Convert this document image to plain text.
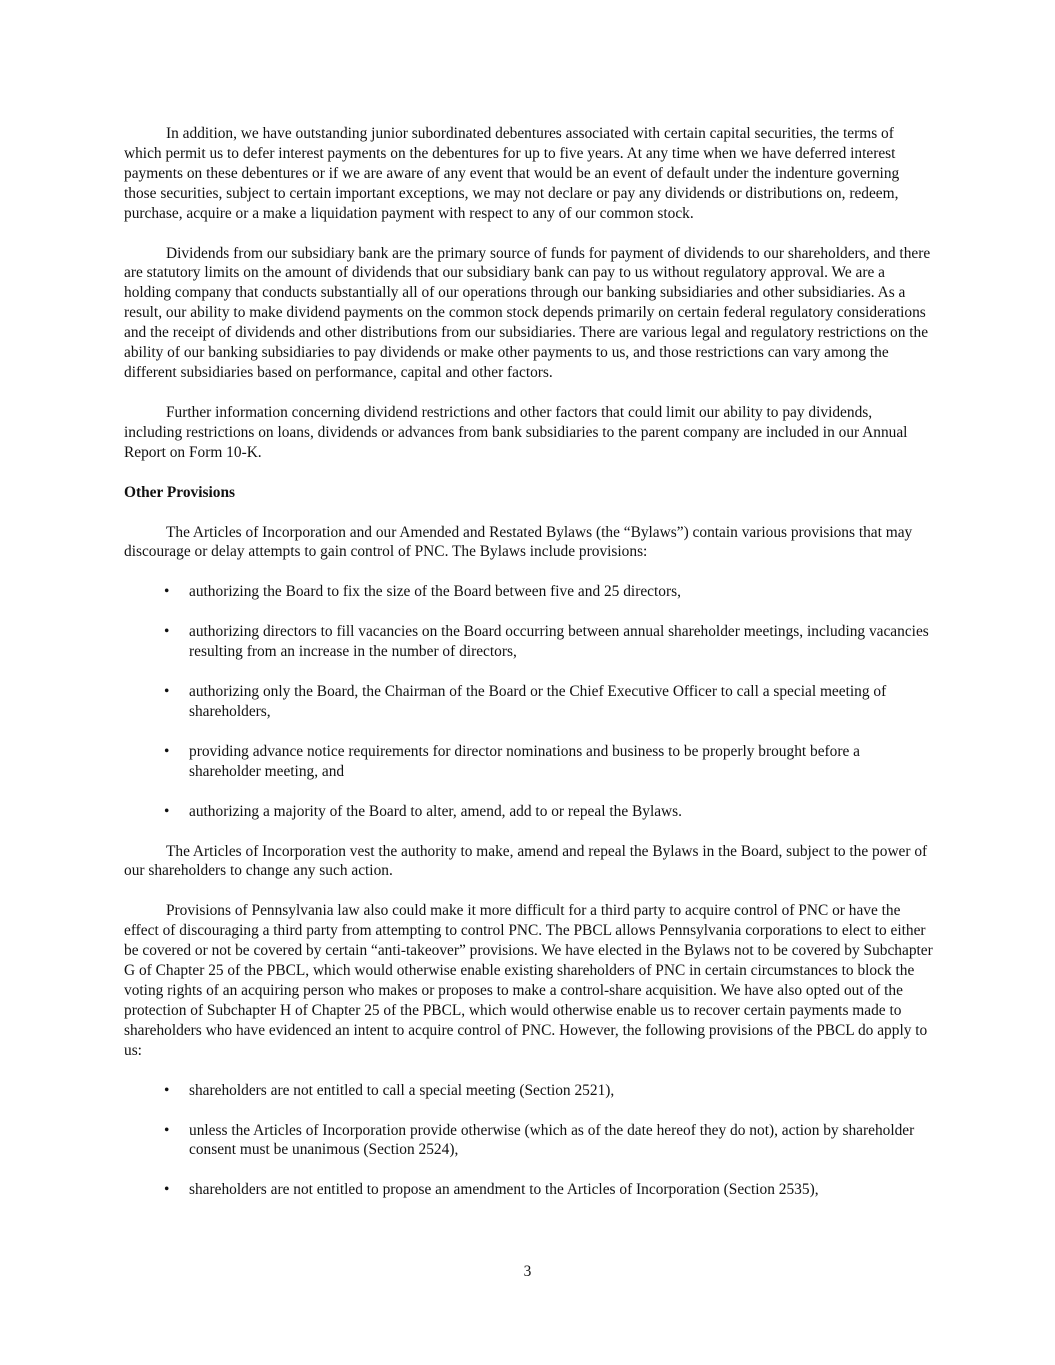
In addition, we have outstanding junior subordinated debentures associated with certain capital securities, the terms of which permit us to defer interest payments on the debentures for up to five years. At any time when we have deferred interest payments on these debentures or if we are aware of any event that would be an event of default under the indenture governing those securities, subject to certain important exceptions, we may not declare or pay any dividends or distributions on, redeem, purchase, acquire or a make a liquidation payment with respect to any of our common stock.

Dividends from our subsidiary bank are the primary source of funds for payment of dividends to our shareholders, and there are statutory limits on the amount of dividends that our subsidiary bank can pay to us without regulatory approval. We are a holding company that conducts substantially all of our operations through our banking subsidiaries and other subsidiaries. As a result, our ability to make dividend payments on the common stock depends primarily on certain federal regulatory considerations and the receipt of dividends and other distributions from our subsidiaries. There are various legal and regulatory restrictions on the ability of our banking subsidiaries to pay dividends or make other payments to us, and those restrictions can vary among the different subsidiaries based on performance, capital and other factors.

Further information concerning dividend restrictions and other factors that could limit our ability to pay dividends, including restrictions on loans, dividends or advances from bank subsidiaries to the parent company are included in our Annual Report on Form 10-K.

Other Provisions

The Articles of Incorporation and our Amended and Restated Bylaws (the “Bylaws”) contain various provisions that may discourage or delay attempts to gain control of PNC. The Bylaws include provisions:

• authorizing the Board to fix the size of the Board between five and 25 directors,
• authorizing directors to fill vacancies on the Board occurring between annual shareholder meetings, including vacancies resulting from an increase in the number of directors,
• authorizing only the Board, the Chairman of the Board or the Chief Executive Officer to call a special meeting of shareholders,
• providing advance notice requirements for director nominations and business to be properly brought before a shareholder meeting, and
• authorizing a majority of the Board to alter, amend, add to or repeal the Bylaws.

The Articles of Incorporation vest the authority to make, amend and repeal the Bylaws in the Board, subject to the power of our shareholders to change any such action.

Provisions of Pennsylvania law also could make it more difficult for a third party to acquire control of PNC or have the effect of discouraging a third party from attempting to control PNC. The PBCL allows Pennsylvania corporations to elect to either be covered or not be covered by certain “anti-takeover” provisions. We have elected in the Bylaws not to be covered by Subchapter G of Chapter 25 of the PBCL, which would otherwise enable existing shareholders of PNC in certain circumstances to block the voting rights of an acquiring person who makes or proposes to make a control-share acquisition. We have also opted out of the protection of Subchapter H of Chapter 25 of the PBCL, which would otherwise enable us to recover certain payments made to shareholders who have evidenced an intent to acquire control of PNC. However, the following provisions of the PBCL do apply to us:

• shareholders are not entitled to call a special meeting (Section 2521),
• unless the Articles of Incorporation provide otherwise (which as of the date hereof they do not), action by shareholder consent must be unanimous (Section 2524),
• shareholders are not entitled to propose an amendment to the Articles of Incorporation (Section 2535),
3
